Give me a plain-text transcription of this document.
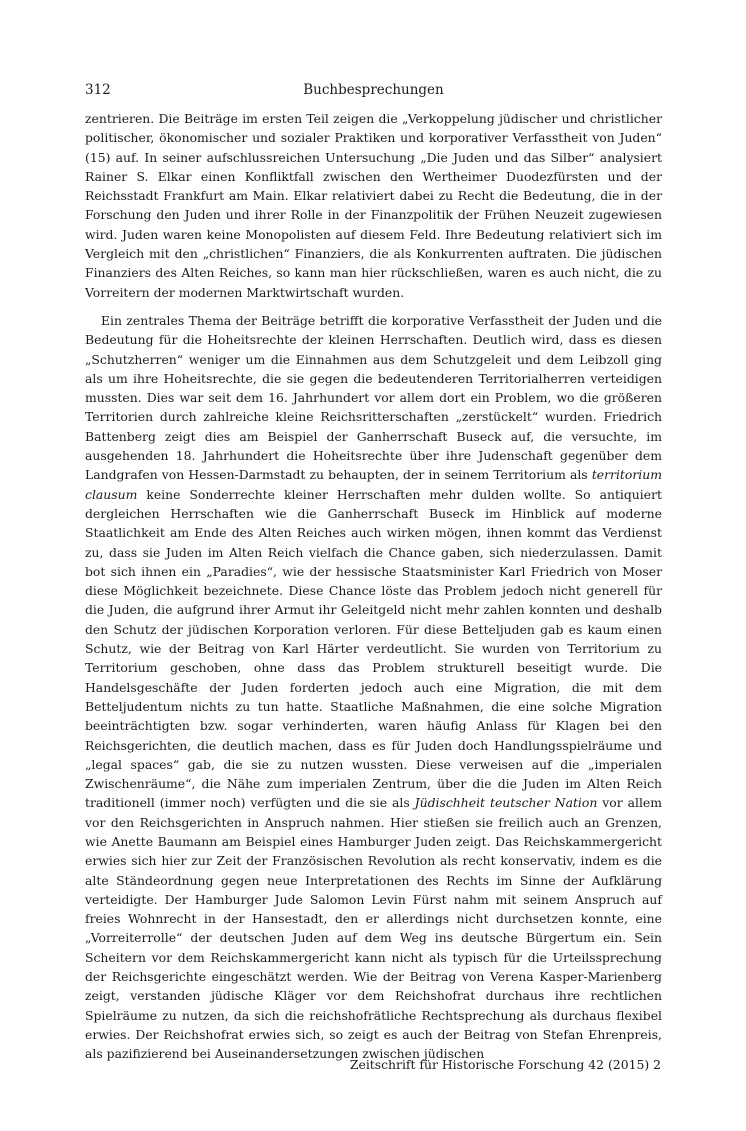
312	Buchbesprechungen

zentrieren. Die Beiträge im ersten Teil zeigen die „Verkoppelung jüdischer und christlicher politischer, ökonomischer und sozialer Praktiken und korporativer Verfasstheit von Juden“ (15) auf. In seiner aufschlussreichen Untersuchung „Die Juden und das Silber“ analysiert Rainer S. Elkar einen Konfliktfall zwischen den Wertheimer Duodezfürsten und der Reichsstadt Frankfurt am Main. Elkar relativiert dabei zu Recht die Bedeutung, die in der Forschung den Juden und ihrer Rolle in der Finanzpolitik der Frühen Neuzeit zugewiesen wird. Juden waren keine Monopolisten auf diesem Feld. Ihre Bedeutung relativiert sich im Vergleich mit den „christlichen“ Finanziers, die als Konkurrenten auftraten. Die jüdischen Finanziers des Alten Reiches, so kann man hier rückschließen, waren es auch nicht, die zu Vorreitern der modernen Marktwirtschaft wurden.

Ein zentrales Thema der Beiträge betrifft die korporative Verfasstheit der Juden und die Bedeutung für die Hoheitsrechte der kleinen Herrschaften. Deutlich wird, dass es diesen „Schutzherren“ weniger um die Einnahmen aus dem Schutzgeleit und dem Leibzoll ging als um ihre Hoheitsrechte, die sie gegen die bedeutenderen Territorialherren verteidigen mussten. Dies war seit dem 16. Jahrhundert vor allem dort ein Problem, wo die größeren Territorien durch zahlreiche kleine Reichsritterschaften „zerstückelt“ wurden. Friedrich Battenberg zeigt dies am Beispiel der Ganherrschaft Buseck auf, die versuchte, im ausgehenden 18. Jahrhundert die Hoheitsrechte über ihre Judenschaft gegenüber dem Landgrafen von Hessen-Darmstadt zu behaupten, der in seinem Territorium als territorium clausum keine Sonderrechte kleiner Herrschaften mehr dulden wollte. So antiquiert dergleichen Herrschaften wie die Ganherrschaft Buseck im Hinblick auf moderne Staatlichkeit am Ende des Alten Reiches auch wirken mögen, ihnen kommt das Verdienst zu, dass sie Juden im Alten Reich vielfach die Chance gaben, sich niederzulassen. Damit bot sich ihnen ein „Paradies“, wie der hessische Staatsminister Karl Friedrich von Moser diese Möglichkeit bezeichnete. Diese Chance löste das Problem jedoch nicht generell für die Juden, die aufgrund ihrer Armut ihr Geleitgeld nicht mehr zahlen konnten und deshalb den Schutz der jüdischen Korporation verloren. Für diese Betteljuden gab es kaum einen Schutz, wie der Beitrag von Karl Härter verdeutlicht. Sie wurden von Territorium zu Territorium geschoben, ohne dass das Problem strukturell beseitigt wurde. Die Handelsgeschäfte der Juden forderten jedoch auch eine Migration, die mit dem Betteljudentum nichts zu tun hatte. Staatliche Maßnahmen, die eine solche Migration beeinträchtigten bzw. sogar verhinderten, waren häufig Anlass für Klagen bei den Reichsgerichten, die deutlich machen, dass es für Juden doch Handlungsspielräume und „legal spaces“ gab, die sie zu nutzen wussten. Diese verweisen auf die „imperialen Zwischenräume“, die Nähe zum imperialen Zentrum, über die die Juden im Alten Reich traditionell (immer noch) verfügten und die sie als Jüdischheit teutscher Nation vor allem vor den Reichsgerichten in Anspruch nahmen. Hier stießen sie freilich auch an Grenzen, wie Anette Baumann am Beispiel eines Hamburger Juden zeigt. Das Reichskammergericht erwies sich hier zur Zeit der Französischen Revolution als recht konservativ, indem es die alte Ständeordnung gegen neue Interpretationen des Rechts im Sinne der Aufklärung verteidigte. Der Hamburger Jude Salomon Levin Fürst nahm mit seinem Anspruch auf freies Wohnrecht in der Hansestadt, den er allerdings nicht durchsetzen konnte, eine „Vorreiterrolle“ der deutschen Juden auf dem Weg ins deutsche Bürgertum ein. Sein Scheitern vor dem Reichskammergericht kann nicht als typisch für die Urteilssprechung der Reichsgerichte eingeschätzt werden. Wie der Beitrag von Verena Kasper-Marienberg zeigt, verstanden jüdische Kläger vor dem Reichshofrat durchaus ihre rechtlichen Spielräume zu nutzen, da sich die reichshofrätliche Rechtsprechung als durchaus flexibel erwies. Der Reichshofrat erwies sich, so zeigt es auch der Beitrag von Stefan Ehrenpreis, als pazifizierend bei Auseinandersetzungen zwischen jüdischen

Zeitschrift für Historische Forschung 42 (2015) 2
